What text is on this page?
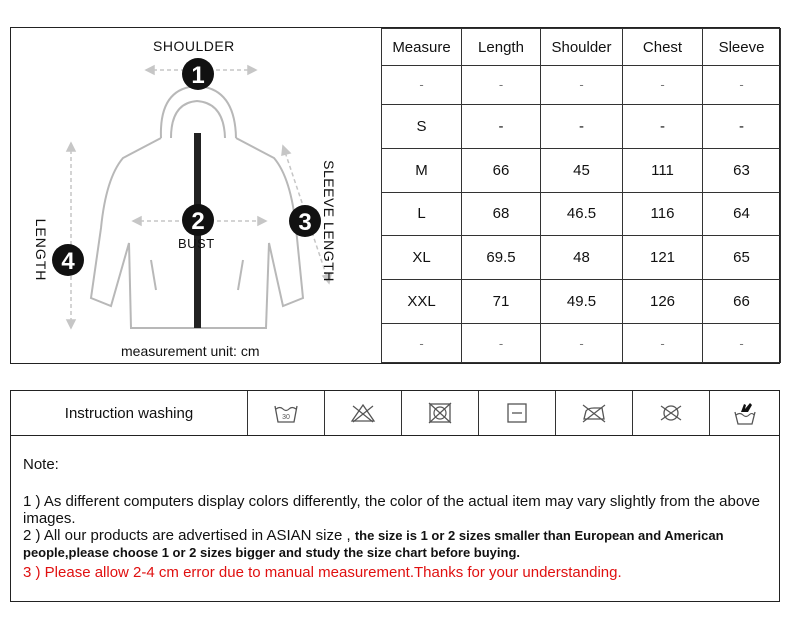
1
2	3
4
LENGTH	SLEEVE LENGTH
SHOULDER
BUST
measurement unit: cm
Measure	Length	Shoulder	Chest	Sleeve
-	-	-	-	-
S	-	-	-	-
M	66	45	111	63
L	68	46.5	116	64
XL	69.5	48	121	65
XXL	71	49.5	126	66
-	-	-	-	-
Instruction washing	30
Note:

1 ) As different computers display colors differently, the color of the actual item may vary slightly from the above images.

2 ) All our products are advertised in ASIAN size , the size is 1 or 2 sizes smaller than European and American people,please choose 1 or 2 sizes bigger and study the size chart before buying.

3 ) Please allow 2-4 cm error due to manual measurement.Thanks for your understanding.
